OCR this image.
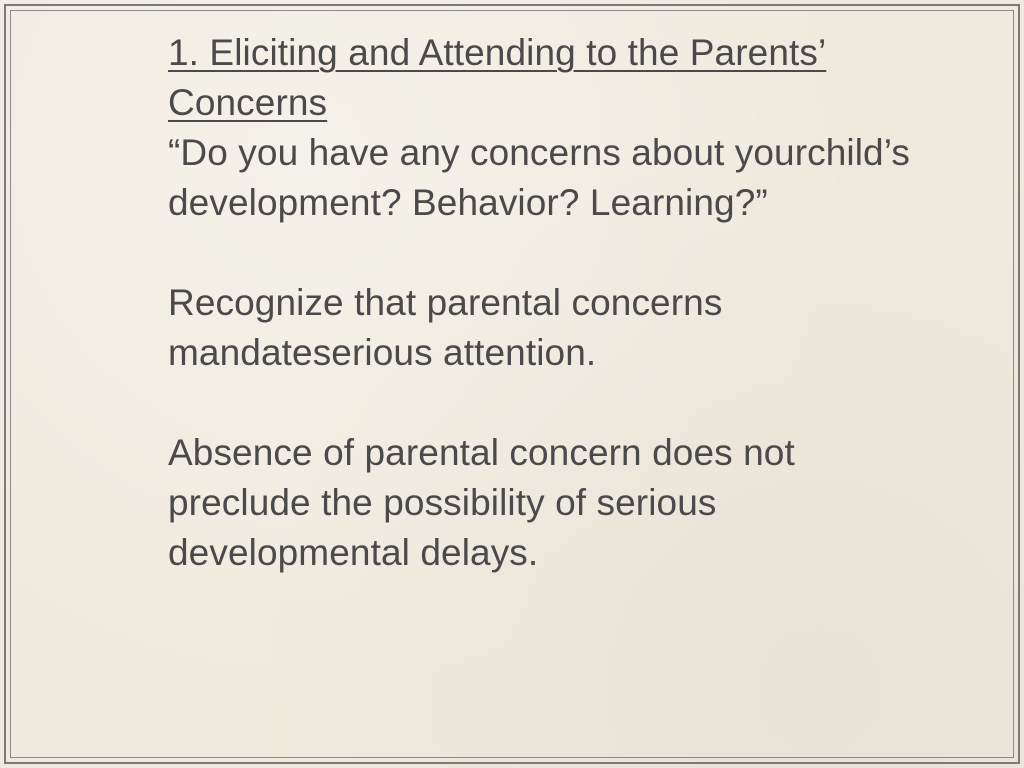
1. Eliciting and Attending to the Parents’ Concerns

“Do you have any concerns about yourchild’s development? Behavior? Learning?”

Recognize that parental concerns mandateserious attention.

Absence of parental concern does not preclude the possibility of serious developmental delays.
